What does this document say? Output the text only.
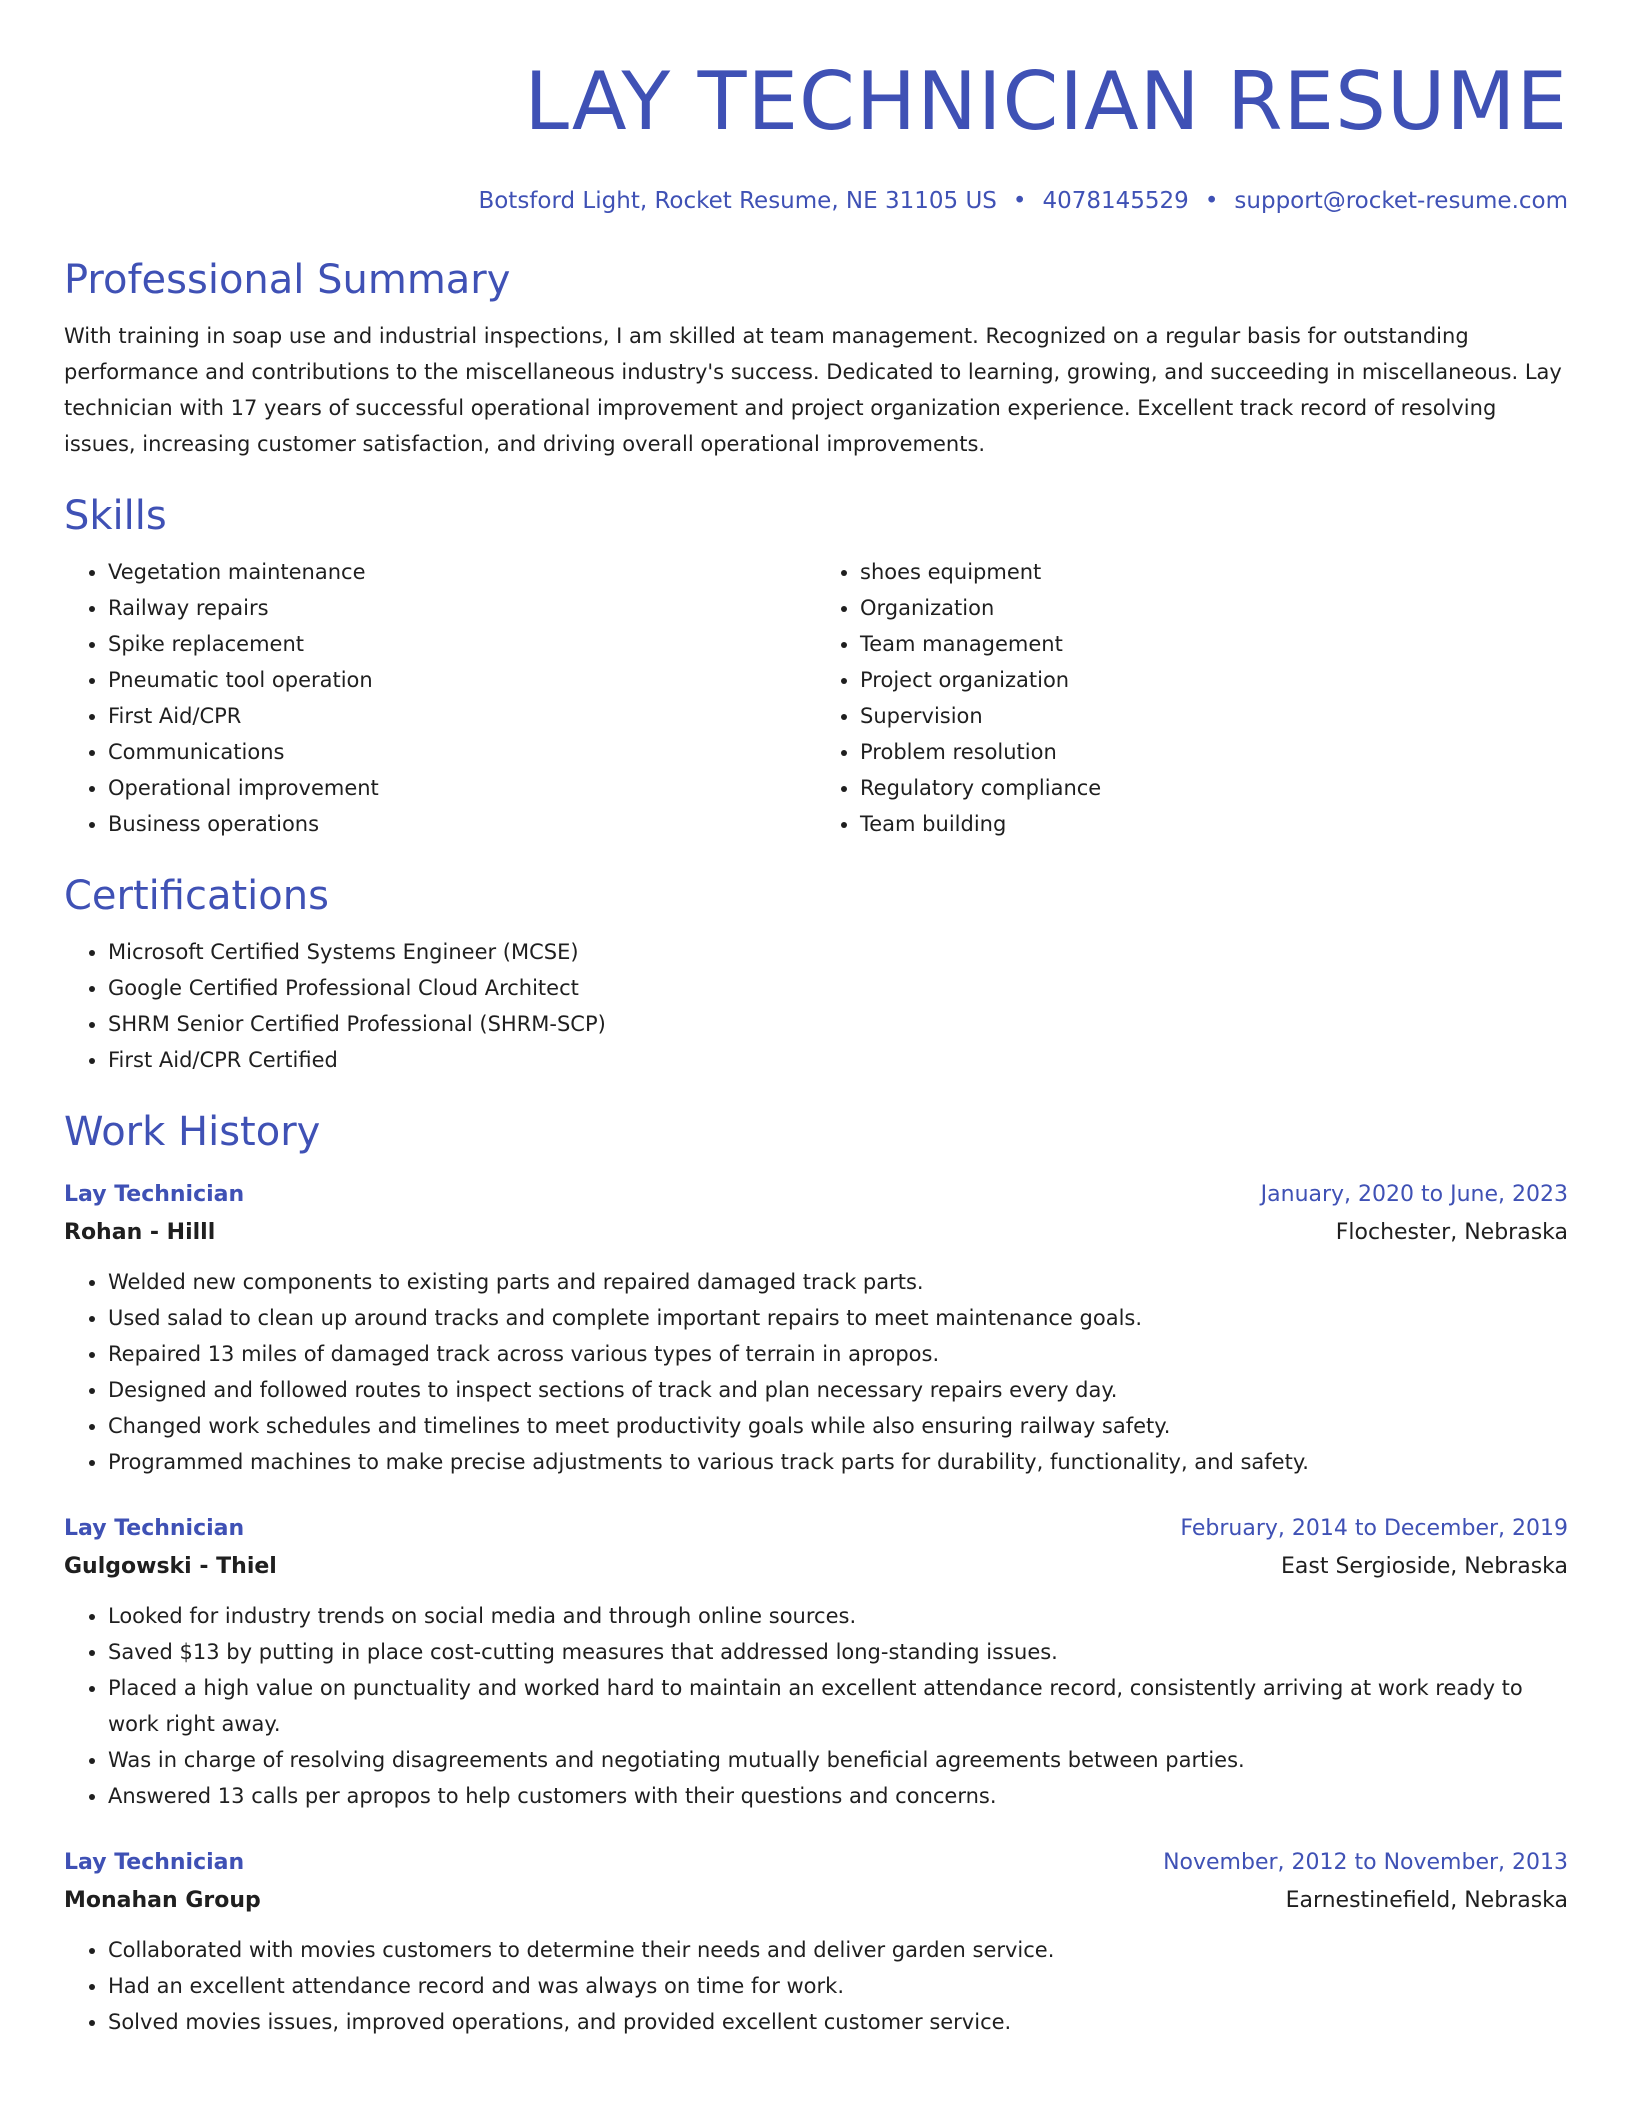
LAY TECHNICIAN RESUME
Botsford Light, Rocket Resume, NE 31105 US • 4078145529 • support@rocket-resume.com
Professional Summary

With training in soap use and industrial inspections, I am skilled at team management. Recognized on a regular basis for outstanding performance and contributions to the miscellaneous industry's success. Dedicated to learning, growing, and succeeding in miscellaneous. Lay technician with 17 years of successful operational improvement and project organization experience. Excellent track record of resolving issues, increasing customer satisfaction, and driving overall operational improvements.

Skills
• Vegetation maintenance
• Railway repairs
• Spike replacement
• Pneumatic tool operation
• First Aid/CPR
• Communications
• Operational improvement
• Business operations
• shoes equipment
• Organization
• Team management
• Project organization
• Supervision
• Problem resolution
• Regulatory compliance
• Team building
Certifications
• Microsoft Certified Systems Engineer (MCSE)
• Google Certified Professional Cloud Architect
• SHRM Senior Certified Professional (SHRM-SCP)
• First Aid/CPR Certified
Work History
Lay Technician	January, 2020 to June, 2023
Rohan - Hilll	Flochester, Nebraska
• Welded new components to existing parts and repaired damaged track parts.
• Used salad to clean up around tracks and complete important repairs to meet maintenance goals.
• Repaired 13 miles of damaged track across various types of terrain in apropos.
• Designed and followed routes to inspect sections of track and plan necessary repairs every day.
• Changed work schedules and timelines to meet productivity goals while also ensuring railway safety.
• Programmed machines to make precise adjustments to various track parts for durability, functionality, and safety.
Lay Technician	February, 2014 to December, 2019
Gulgowski - Thiel	East Sergioside, Nebraska
• Looked for industry trends on social media and through online sources.
• Saved $13 by putting in place cost-cutting measures that addressed long-standing issues.
• Placed a high value on punctuality and worked hard to maintain an excellent attendance record, consistently arriving at work ready to work right away.
• Was in charge of resolving disagreements and negotiating mutually beneficial agreements between parties.
• Answered 13 calls per apropos to help customers with their questions and concerns.
Lay Technician	November, 2012 to November, 2013
Monahan Group	Earnestinefield, Nebraska
• Collaborated with movies customers to determine their needs and deliver garden service.
• Had an excellent attendance record and was always on time for work.
• Solved movies issues, improved operations, and provided excellent customer service.
